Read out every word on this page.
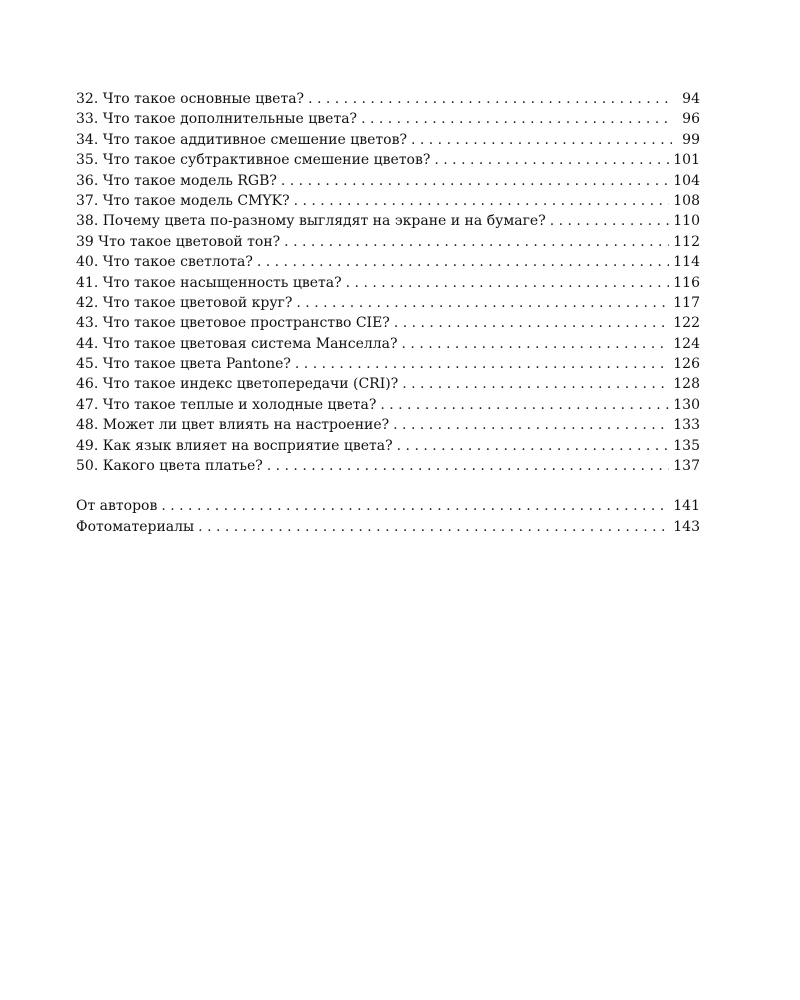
32. Что такое основные цвета? . . .	94
33. Что такое дополнительные цвета? . . .	96
34. Что такое аддитивное смешение цветов? . . .	99
35. Что такое субтрактивное смешение цветов? . . .	101
36. Что такое модель RGB? . . .	104
37. Что такое модель CMYK? . . .	108
38. Почему цвета по-разному выглядят на экране и на бумаге? . . .	110
39 Что такое цветовой тон? . . .	112
40. Что такое светлота? . . .	114
41. Что такое насыщенность цвета? . . .	116
42. Что такое цветовой круг? . . .	117
43. Что такое цветовое пространство CIE? . . .	122
44. Что такое цветовая система Манселла? . . .	124
45. Что такое цвета Pantone? . . .	126
46. Что такое индекс цветопередачи (CRI)? . . .	128
47. Что такое теплые и холодные цвета? . . .	130
48. Может ли цвет влиять на настроение? . . .	133
49. Как язык влияет на восприятие цвета? . . .	135
50. Какого цвета платье? . . .	137
От авторов . . .	141
Фотоматериалы . . .	143
